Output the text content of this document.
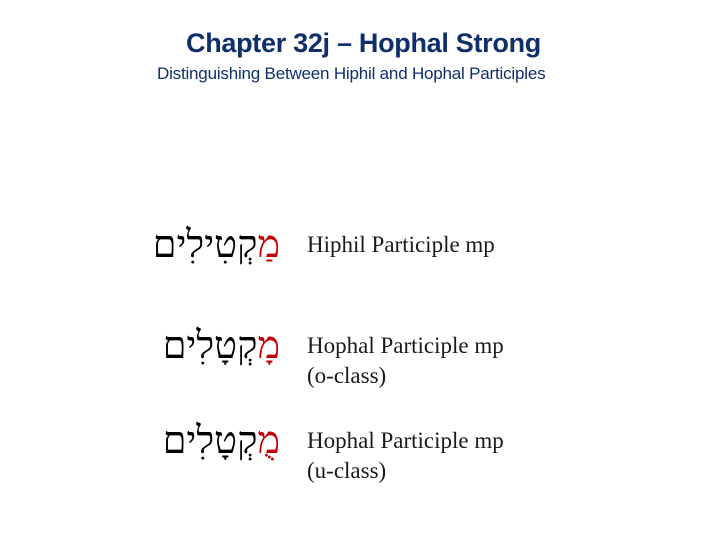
Chapter 32j – Hophal Strong
Distinguishing Between Hiphil and Hophal Participles
מַקְטִילִים	Hiphil Participle mp
מָקְטָלִים	Hophal Participle mp
(o-class)
מֻקְטָלִים	Hophal Participle mp
(u-class)
